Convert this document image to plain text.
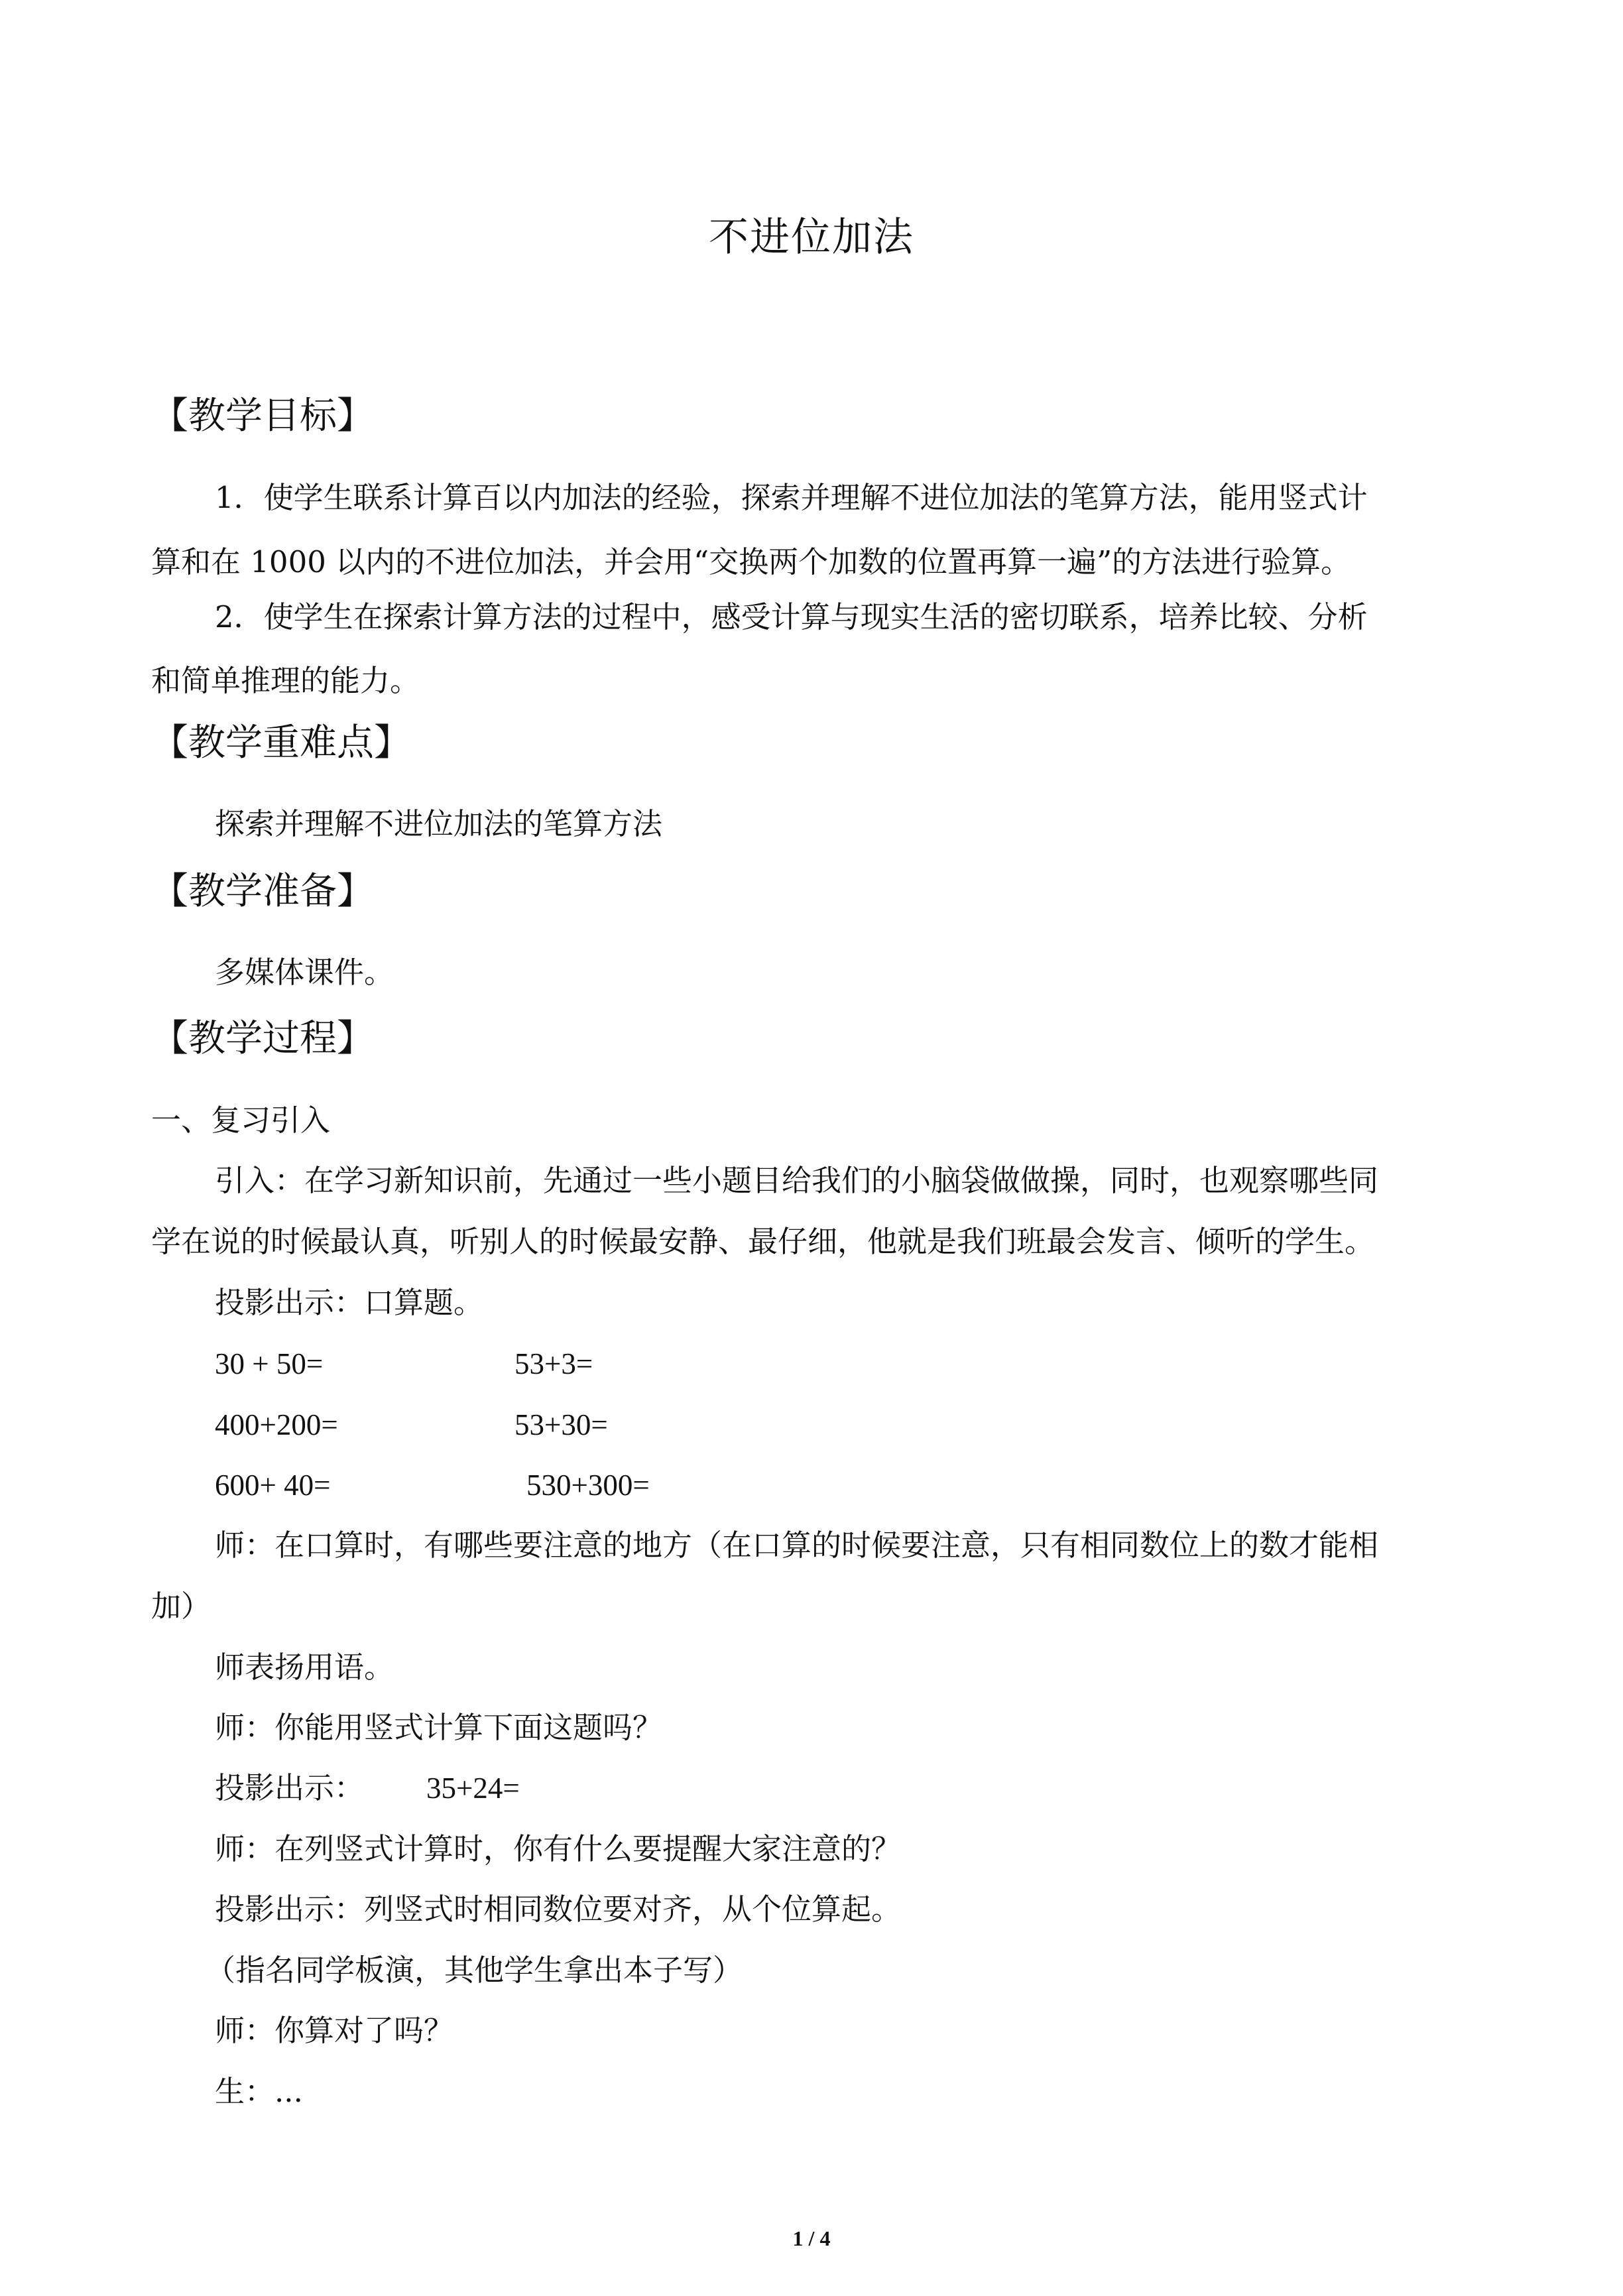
不进位加法
【教学目标】
1．使学生联系计算百以内加法的经验，探索并理解不进位加法的笔算方法，能用竖式计
算和在 1000 以内的不进位加法，并会用“交换两个加数的位置再算一遍”的方法进行验算。
2．使学生在探索计算方法的过程中，感受计算与现实生活的密切联系，培养比较、分析
和简单推理的能力。
【教学重难点】
探索并理解不进位加法的笔算方法
【教学准备】
多媒体课件。
【教学过程】
一、复习引入
引入：在学习新知识前，先通过一些小题目给我们的小脑袋做做操，同时，也观察哪些同
学在说的时候最认真，听别人的时候最安静、最仔细，他就是我们班最会发言、倾听的学生。
投影出示：口算题。
30 + 50=	53+3=
400+200=	53+30=
600+ 40=	530+300=
师：在口算时，有哪些要注意的地方（在口算的时候要注意，只有相同数位上的数才能相
加）
师表扬用语。
师：你能用竖式计算下面这题吗？
投影出示： 35+24=
师：在列竖式计算时，你有什么要提醒大家注意的？
投影出示：列竖式时相同数位要对齐，从个位算起。
（指名同学板演，其他学生拿出本子写）
师：你算对了吗？
生：...
1 / 4
